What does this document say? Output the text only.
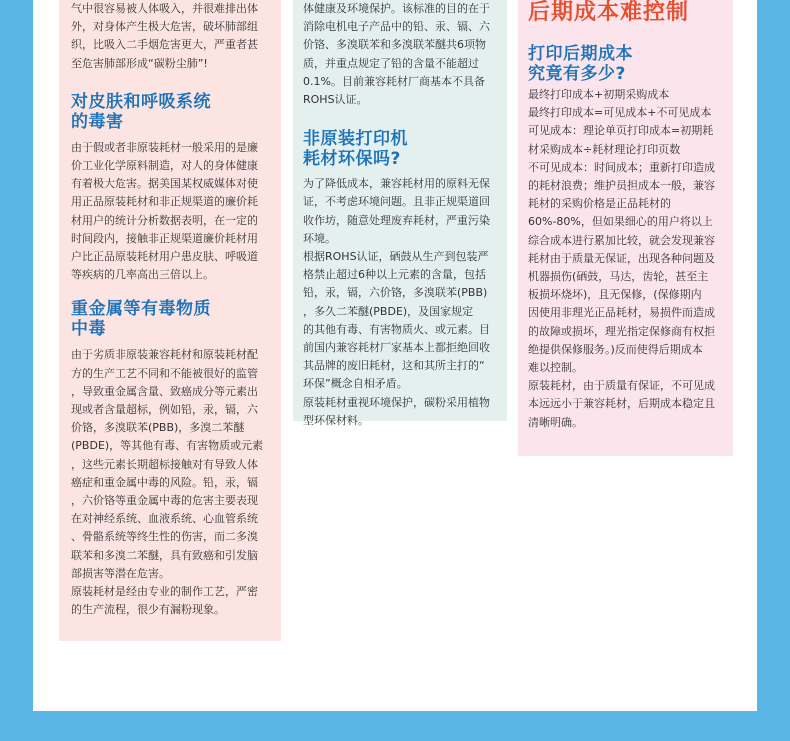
气中很容易被人体吸入，并很难排出体

外，对身体产生极大危害，破坏肺部组

织，比吸入二手烟危害更大，严重者甚

至危害肺部形成“碳粉尘肺”!

对皮肤和呼吸系统
的毒害

由于假或者非原装耗材一般采用的是廉

价工业化学原料制造，对人的身体健康

有着极大危害。据美国某权威媒体对使

用正品原装耗材和非正规渠道的廉价耗

材用户的统计分析数据表明，在一定的

时间段内，接触非正规渠道廉价耗材用

户比正品原装耗材用户患皮肤、呼吸道

等疾病的几率高出三倍以上。

重金属等有毒物质
中毒

由于劣质非原装兼容耗材和原装耗材配

方的生产工艺不同和不能被很好的监管

，导致重金属含量、致癌成分等元素出

现或者含量超标，例如铅，汞，镉，六

价铬，多溴联苯(PBB)，多溴二苯醚

(PBDE)，等其他有毒、有害物质或元素

，这些元素长期超标接触对有导致人体

癌症和重金属中毒的风险。铅，汞，镉

，六价铬等重金属中毒的危害主要表现

在对神经系统、血液系统、心血管系统

、骨骼系统等终生性的伤害，而二多溴

联苯和多溴二苯醚，具有致癌和引发脑

部损害等潜在危害。

原装耗材是经由专业的制作工艺，严密

的生产流程，很少有漏粉现象。

体健康及环境保护。该标准的目的在于

消除电机电子产品中的铅、汞、镉、六

价铬、多溴联苯和多溴联苯醚共6项物

质，并重点规定了铅的含量不能超过

0.1%。目前兼容耗材厂商基本不具备

ROHS认证。

非原装打印机
耗材环保吗?

为了降低成本，兼容耗材用的原料无保

证，不考虑环境问题。且非正规渠道回

收作坊，随意处理废弃耗材，严重污染

环境。

根据ROHS认证，硒鼓从生产到包装严

格禁止超过6种以上元素的含量，包括

铅，汞，镉，六价铬，多溴联苯(PBB)

，多久二苯醚(PBDE)，及国家规定

的其他有毒、有害物质火、或元素。目

前国内兼容耗材厂家基本上都拒绝回收

其品牌的废旧耗材，这和其所主打的“

环保”概念自相矛盾。

原装耗材重视环境保护，碳粉采用植物

型环保材料。

后期成本难控制

打印后期成本
究竟有多少?

最终打印成本+初期采购成本

最终打印成本=可见成本+不可见成本

可见成本：理论单页打印成本=初期耗

材采购成本÷耗材理论打印页数

不可见成本：时间成本；重新打印造成

的耗材浪费；维护员担成本一般，兼容

耗材的采购价格是正品耗材的

60%-80%，但如果细心的用户将以上

综合成本进行累加比较，就会发现兼容

耗材由于质量无保证，出现各种问题及

机器损伤(硒鼓，马达，齿轮，甚至主

板损坏烧坏)，且无保修，(保修期内

因使用非理光正品耗材，易损件而造成

的故障或损坏，理光指定保修商有权拒

绝提供保修服务。)反而使得后期成本

难以控制。

原装耗材，由于质量有保证，不可见成

本远远小于兼容耗材，后期成本稳定且

清晰明确。
